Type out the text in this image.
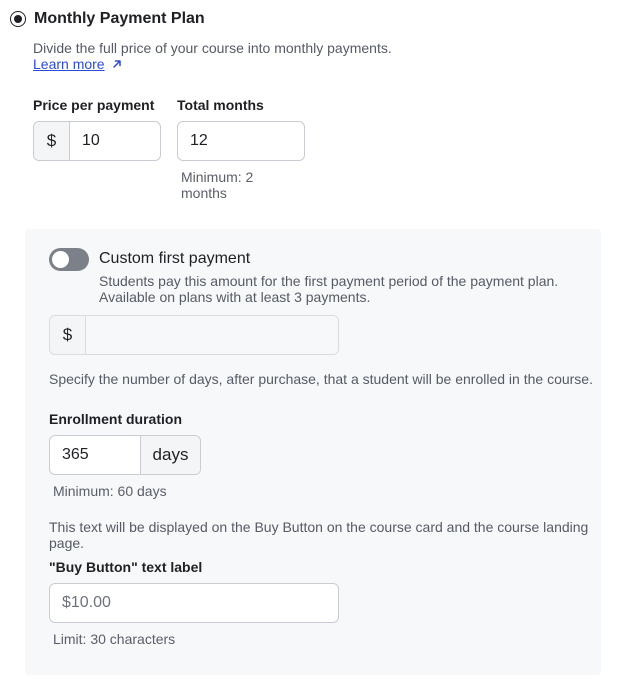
Monthly Payment Plan
Divide the full price of your course into monthly payments.
Learn more
Price per payment
$	10
Total months
12
Minimum: 2
months
Custom first payment
Students pay this amount for the first payment period of the payment plan. Available on plans with at least 3 payments.
$
Specify the number of days, after purchase, that a student will be enrolled in the course.
Enrollment duration
365	days
Minimum: 60 days
This text will be displayed on the Buy Button on the course card and the course landing page.
"Buy Button" text label
$10.00
Limit: 30 characters
